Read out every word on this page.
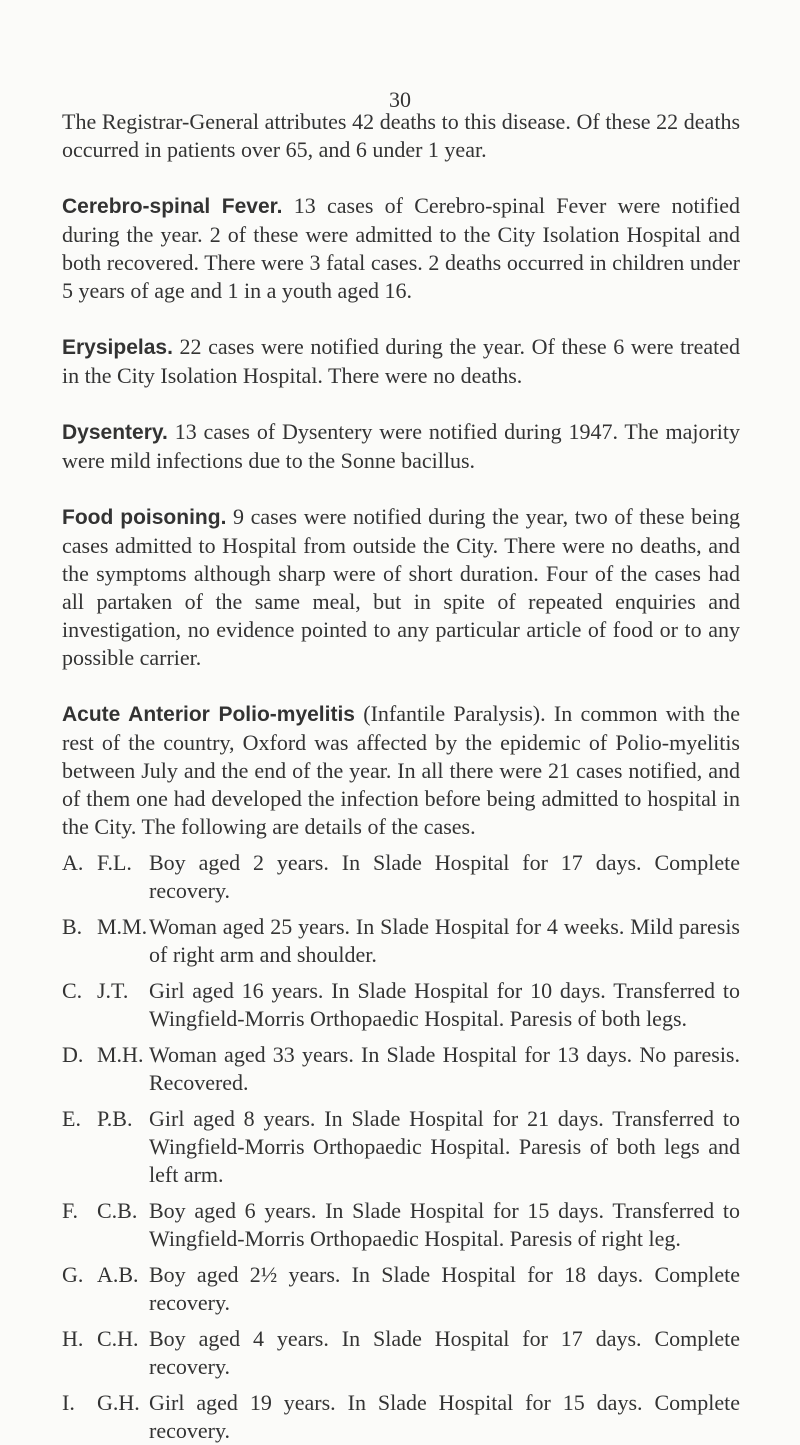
30

The Registrar-General attributes 42 deaths to this disease. Of these 22 deaths occurred in patients over 65, and 6 under 1 year.

Cerebro-spinal Fever. 13 cases of Cerebro-spinal Fever were notified during the year. 2 of these were admitted to the City Isolation Hospital and both recovered. There were 3 fatal cases. 2 deaths occurred in children under 5 years of age and 1 in a youth aged 16.

Erysipelas. 22 cases were notified during the year. Of these 6 were treated in the City Isolation Hospital. There were no deaths.

Dysentery. 13 cases of Dysentery were notified during 1947. The majority were mild infections due to the Sonne bacillus.

Food poisoning. 9 cases were notified during the year, two of these being cases admitted to Hospital from outside the City. There were no deaths, and the symptoms although sharp were of short duration. Four of the cases had all partaken of the same meal, but in spite of repeated enquiries and investigation, no evidence pointed to any particular article of food or to any possible carrier.

Acute Anterior Polio-myelitis (Infantile Paralysis). In common with the rest of the country, Oxford was affected by the epidemic of Polio-myelitis between July and the end of the year. In all there were 21 cases notified, and of them one had developed the infection before being admitted to hospital in the City. The following are details of the cases.

A. F.L. Boy aged 2 years. In Slade Hospital for 17 days. Complete recovery.
B. M.M.Woman aged 25 years. In Slade Hospital for 4 weeks. Mild paresis of right arm and shoulder.
C. J.T. Girl aged 16 years. In Slade Hospital for 10 days. Transferred to Wingfield-Morris Orthopaedic Hospital. Paresis of both legs.
D. M.H. Woman aged 33 years. In Slade Hospital for 13 days. No paresis. Recovered.
E. P.B. Girl aged 8 years. In Slade Hospital for 21 days. Transferred to Wingfield-Morris Orthopaedic Hospital. Paresis of both legs and left arm.
F. C.B. Boy aged 6 years. In Slade Hospital for 15 days. Transferred to Wingfield-Morris Orthopaedic Hospital. Paresis of right leg.
G. A.B. Boy aged 2½ years. In Slade Hospital for 18 days. Complete recovery.
H. C.H. Boy aged 4 years. In Slade Hospital for 17 days. Complete recovery.
I.	G.H. Girl aged 19 years. In Slade Hospital for 15 days. Complete recovery.
